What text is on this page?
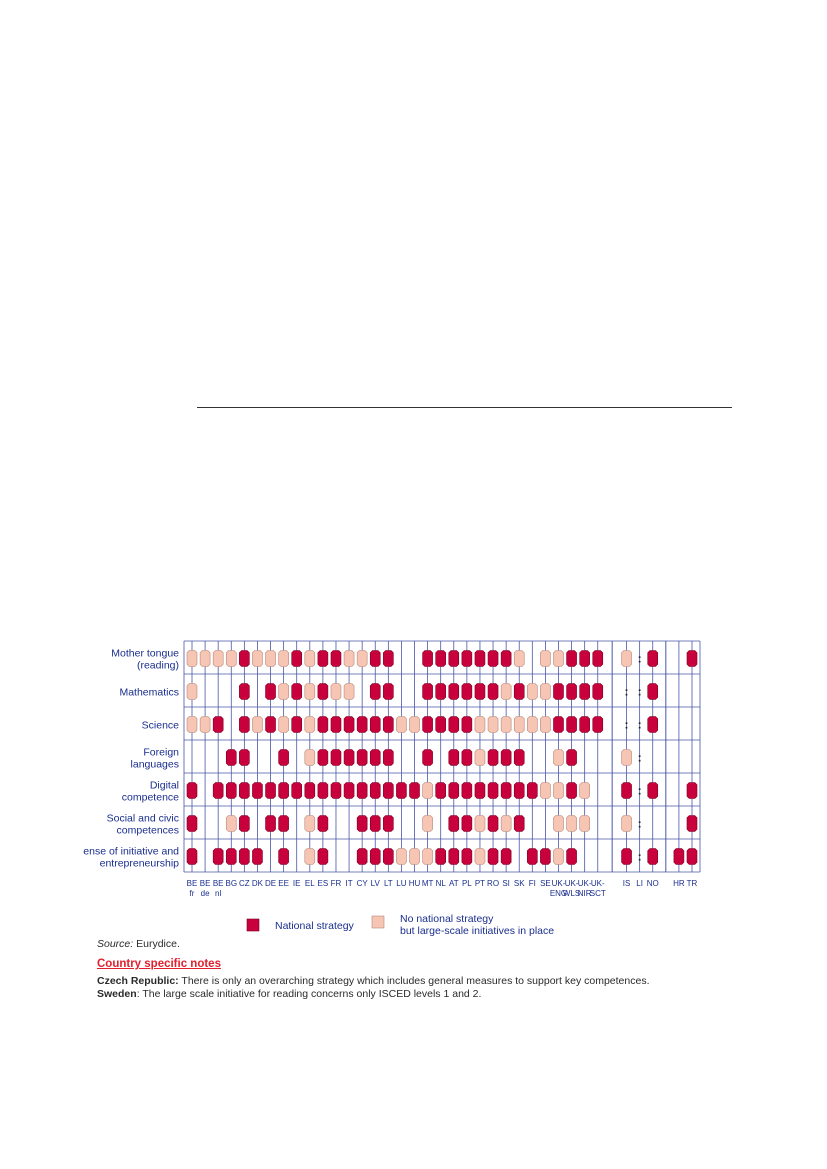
Mother tongue (reading)
Mathematics
Science
Foreign languages
Digital competence
Social and civic competences
ense of initiative and entrepreneurship
BE fr
BE de
BE nl
BG CZ DK DE EE IE EL ES FR IT CY LV LT LU HU MT NL AT PL PT RO SI SK FI SE UK-ENG
UK-WLS
UK-NIR
UK-SCT
:
:
IS
:
:
:
:
:
:
:
LI NO HR TR
National strategy
No national strategy but large-scale initiatives in place
Source: Eurydice.
Country specific notes
Czech Republic: There is only an overarching strategy which includes general measures to support key competences.
Sweden: The large scale initiative for reading concerns only ISCED levels 1 and 2.
